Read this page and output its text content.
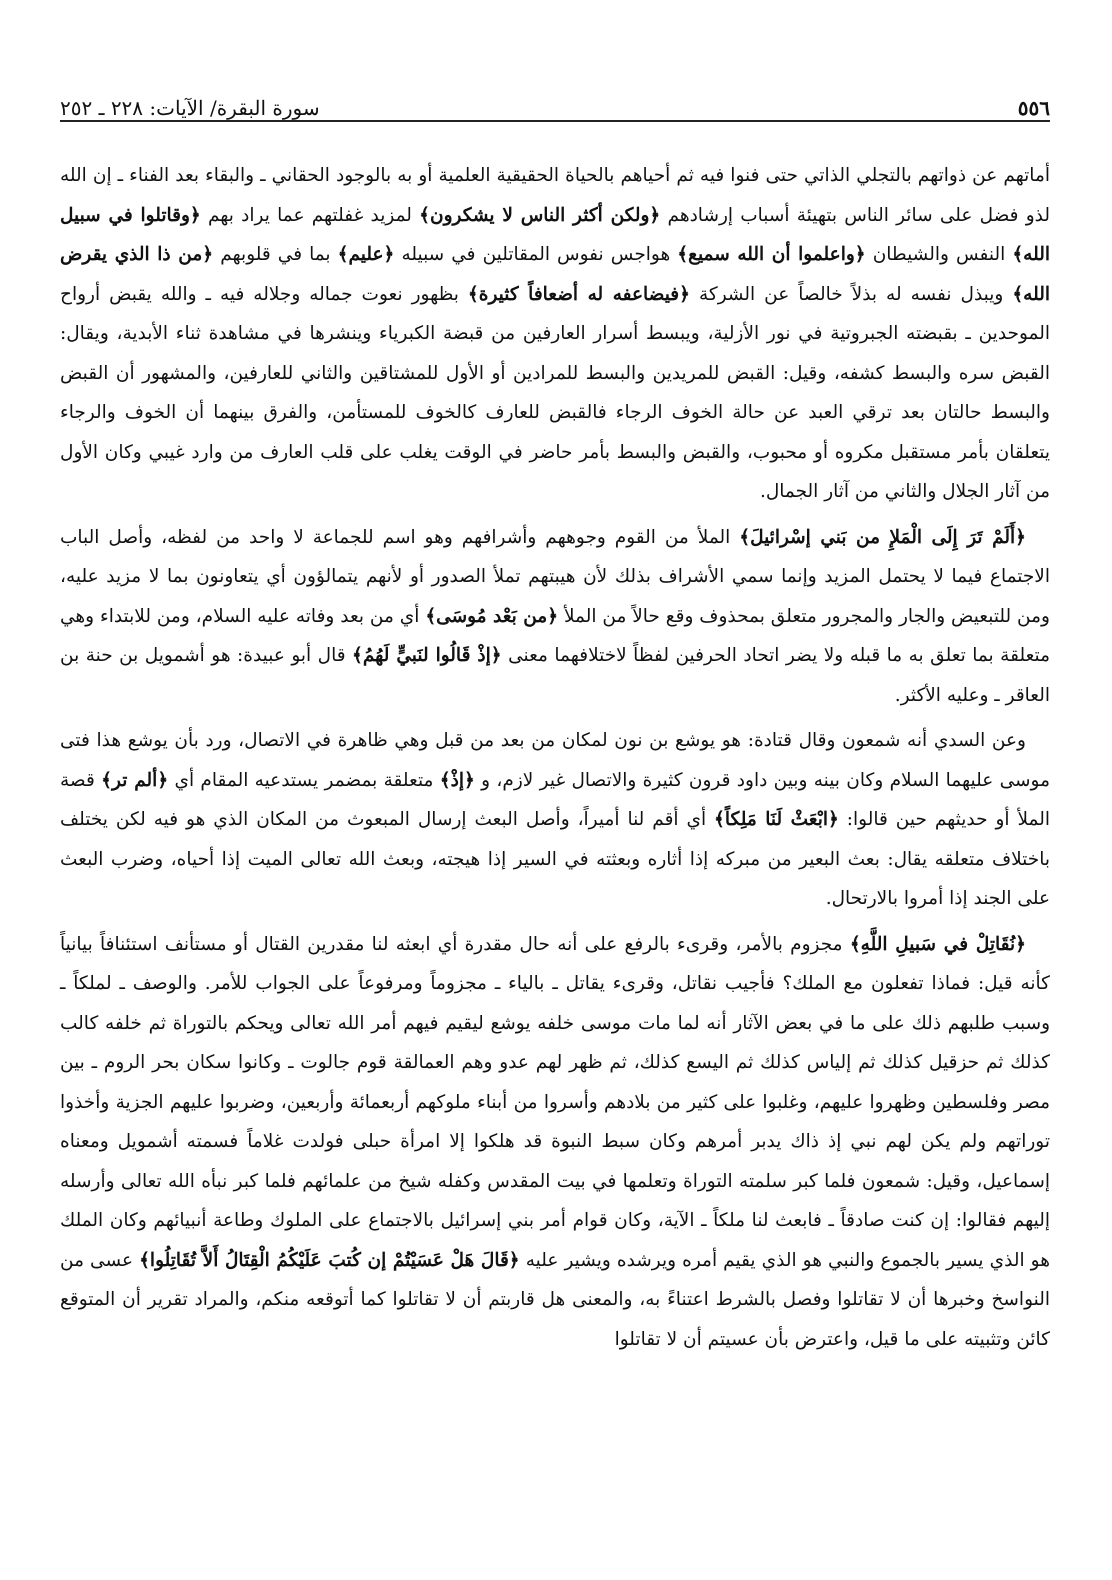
٥٥٦
سورة البقرة/ الآيات: ٢٢٨ ـ ٢٥٢

أماتهم عن ذواتهم بالتجلي الذاتي حتى فنوا فيه ثم أحياهم بالحياة الحقيقية العلمية أو به بالوجود الحقاني ـ والبقاء بعد الفناء ـ إن الله لذو فضل على سائر الناس بتهيئة أسباب إرشادهم ﴿ولكن أكثر الناس لا يشكرون﴾ لمزيد غفلتهم عما يراد بهم ﴿وقاتلوا في سبيل الله﴾ النفس والشيطان ﴿واعلموا أن الله سميع﴾ هواجس نفوس المقاتلين في سبيله ﴿عليم﴾ بما في قلوبهم ﴿من ذا الذي يقرض الله﴾ ويبذل نفسه له بذلاً خالصاً عن الشركة ﴿فيضاعفه له أضعافاً كثيرة﴾ بظهور نعوت جماله وجلاله فيه ـ والله يقبض أرواح الموحدين ـ بقبضته الجبروتية في نور الأزلية، ويبسط أسرار العارفين من قبضة الكبرياء وينشرها في مشاهدة ثناء الأبدية، ويقال: القبض سره والبسط كشفه، وقيل: القبض للمريدين والبسط للمرادين أو الأول للمشتاقين والثاني للعارفين، والمشهور أن القبض والبسط حالتان بعد ترقي العبد عن حالة الخوف الرجاء فالقبض للعارف كالخوف للمستأمن، والفرق بينهما أن الخوف والرجاء يتعلقان بأمر مستقبل مكروه أو محبوب، والقبض والبسط بأمر حاضر في الوقت يغلب على قلب العارف من وارد غيبي وكان الأول من آثار الجلال والثاني من آثار الجمال.

﴿أَلَمْ تَرَ إِلَى الْمَلإِ من بَني إسْرائيلَ﴾ الملأ من القوم وجوههم وأشرافهم وهو اسم للجماعة لا واحد من لفظه، وأصل الباب الاجتماع فيما لا يحتمل المزيد وإنما سمي الأشراف بذلك لأن هيبتهم تملأ الصدور أو لأنهم يتمالؤون أي يتعاونون بما لا مزيد عليه، ومن للتبعيض والجار والمجرور متعلق بمحذوف وقع حالاً من الملأ ﴿من بَعْد مُوسَى﴾ أي من بعد وفاته عليه السلام، ومن للابتداء وهي متعلقة بما تعلق به ما قبله ولا يضر اتحاد الحرفين لفظاً لاختلافهما معنى ﴿إذْ قَالُوا لنَبيٍّ لَهُمُ﴾ قال أبو عبيدة: هو أشمويل بن حنة بن العاقر ـ وعليه الأكثر.

وعن السدي أنه شمعون وقال قتادة: هو يوشع بن نون لمكان من بعد من قبل وهي ظاهرة في الاتصال، ورد بأن يوشع هذا فتى موسى عليهما السلام وكان بينه وبين داود قرون كثيرة والاتصال غير لازم، و ﴿إذْ﴾ متعلقة بمضمر يستدعيه المقام أي ﴿ألم تر﴾ قصة الملأ أو حديثهم حين قالوا: ﴿ابْعَثْ لَنَا مَلِكاً﴾ أي أقم لنا أميراً، وأصل البعث إرسال المبعوث من المكان الذي هو فيه لكن يختلف باختلاف متعلقه يقال: بعث البعير من مبركه إذا أثاره وبعثته في السير إذا هيجته، وبعث الله تعالى الميت إذا أحياه، وضرب البعث على الجند إذا أمروا بالارتحال.

﴿نُقَاتِلْ في سَبيلِ اللَّهِ﴾ مجزوم بالأمر، وقرىء بالرفع على أنه حال مقدرة أي ابعثه لنا مقدرين القتال أو مستأنف استئنافاً بيانياً كأنه قيل: فماذا تفعلون مع الملك؟ فأجيب نقاتل، وقرىء يقاتل ـ بالياء ـ مجزوماً ومرفوعاً على الجواب للأمر. والوصف ـ لملكاً ـ وسبب طلبهم ذلك على ما في بعض الآثار أنه لما مات موسى خلفه يوشع ليقيم فيهم أمر الله تعالى ويحكم بالتوراة ثم خلفه كالب كذلك ثم حزقيل كذلك ثم إلياس كذلك ثم اليسع كذلك، ثم ظهر لهم عدو وهم العمالقة قوم جالوت ـ وكانوا سكان بحر الروم ـ بين مصر وفلسطين وظهروا عليهم، وغلبوا على كثير من بلادهم وأسروا من أبناء ملوكهم أربعمائة وأربعين، وضربوا عليهم الجزية وأخذوا توراتهم ولم يكن لهم نبي إذ ذاك يدبر أمرهم وكان سبط النبوة قد هلكوا إلا امرأة حبلى فولدت غلاماً فسمته أشمويل ومعناه إسماعيل، وقيل: شمعون فلما كبر سلمته التوراة وتعلمها في بيت المقدس وكفله شيخ من علمائهم فلما كبر نبأه الله تعالى وأرسله إليهم فقالوا: إن كنت صادقاً ـ فابعث لنا ملكاً ـ الآية، وكان قوام أمر بني إسرائيل بالاجتماع على الملوك وطاعة أنبيائهم وكان الملك هو الذي يسير بالجموع والنبي هو الذي يقيم أمره ويرشده ويشير عليه ﴿قَالَ هَلْ عَسَيْتُمْ إن كُتبَ عَلَيْكُمُ الْقِتَالُ أَلاَّ تُقَاتِلُوا﴾ عسى من النواسخ وخبرها أن لا تقاتلوا وفصل بالشرط اعتناءً به، والمعنى هل قاربتم أن لا تقاتلوا كما أتوقعه منكم، والمراد تقرير أن المتوقع كائن وتثبيته على ما قيل، واعترض بأن عسيتم أن لا تقاتلوا
